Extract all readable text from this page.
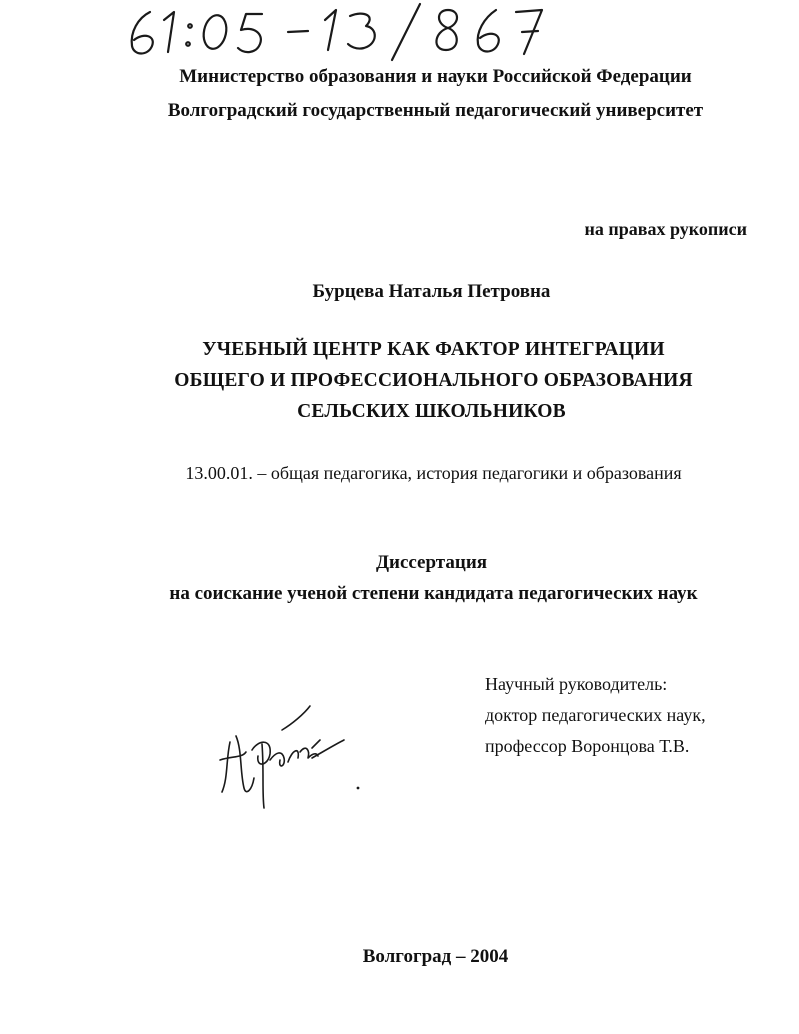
Министерство образования и науки Российской Федерации
Волгоградский государственный педагогический университет
на правах рукописи
Бурцева Наталья Петровна
УЧЕБНЫЙ ЦЕНТР КАК ФАКТОР ИНТЕГРАЦИИ
ОБЩЕГО И ПРОФЕССИОНАЛЬНОГО ОБРАЗОВАНИЯ
СЕЛЬСКИХ ШКОЛЬНИКОВ
13.00.01. – общая педагогика, история педагогики и образования
Диссертация
на соискание ученой степени кандидата педагогических наук
Научный руководитель:
доктор педагогических наук,
профессор Воронцова Т.В.
Волгоград – 2004
